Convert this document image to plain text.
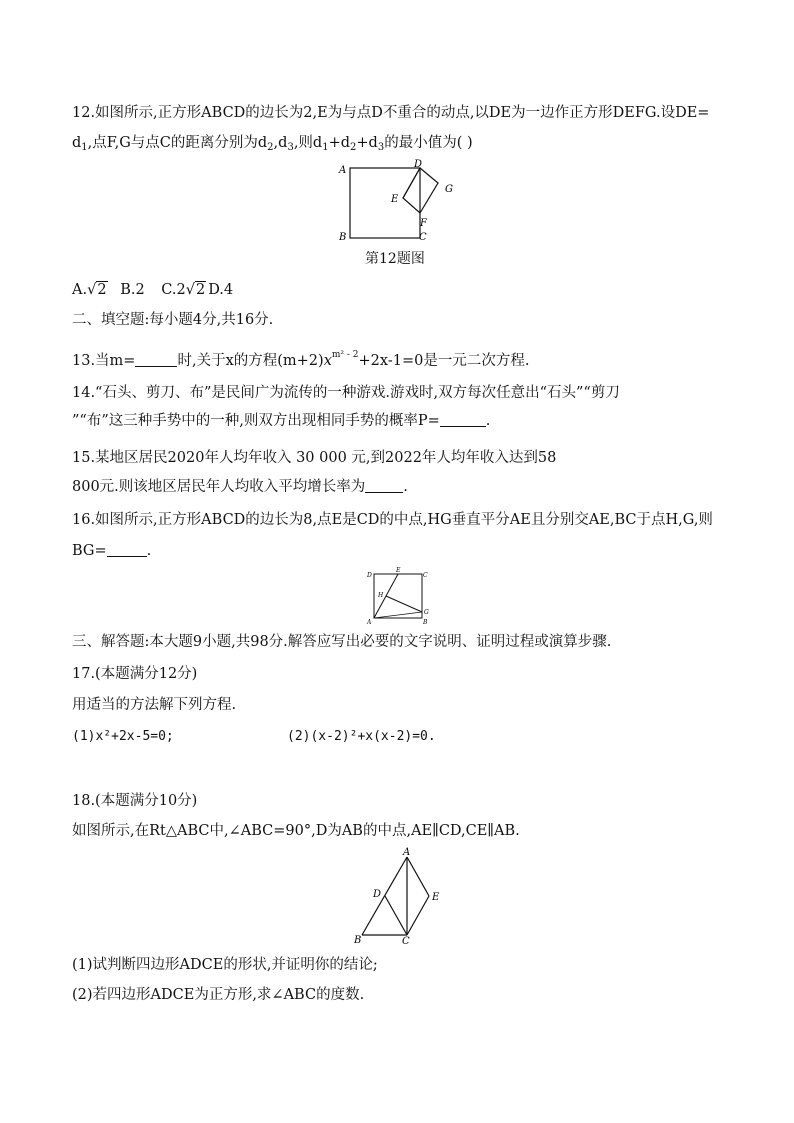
12.如图所示,正方形ABCD的边长为2,E为与点D不重合的动点,以DE为一边作正方形DEFG.设DE=
$d_1$,点F,G与点C的距离分别为$d_2,d_3$,则$d_1+d_2+d_3$的最小值为( )
A
B	C
D
E
F
G
第12题图
A.√2 B.2 C.2√2 D.4
二、填空题:每小题4分,共16分.
13.当m=	时,关于x的方程$(m+2)x^{m^2 - 2}+2x-1=0$是一元二次方程.
14.“石头、剪刀、布”是民间广为流传的一种游戏.游戏时,双方每次任意出“石头”“剪刀
”“布”这三种手势中的一种,则双方出现相同手势的概率P=	.
15.某地区居民2020年人均年收入 30 000 元,到2022年人均年收入达到58
800元.则该地区居民年人均收入平均增长率为	.
16.如图所示,正方形ABCD的边长为8,点E是CD的中点,HG垂直平分AE且分别交AE,BC于点H,G,则
BG=	.
D
E
C
H
G
A	B
三、解答题:本大题9小题,共98分.解答应写出必要的文字说明、证明过程或演算步骤.
17.(本题满分12分)
用适当的方法解下列方程.
(1)x²+2x-5=0;	(2)(x-2)²+x(x-2)=0.
18.(本题满分10分)
如图所示,在Rt△ABC中,∠ABC=90°,D为AB的中点,AE∥CD,CE∥AB.
A
B	C
D	E
(1)试判断四边形ADCE的形状,并证明你的结论;
(2)若四边形ADCE为正方形,求∠ABC的度数.
